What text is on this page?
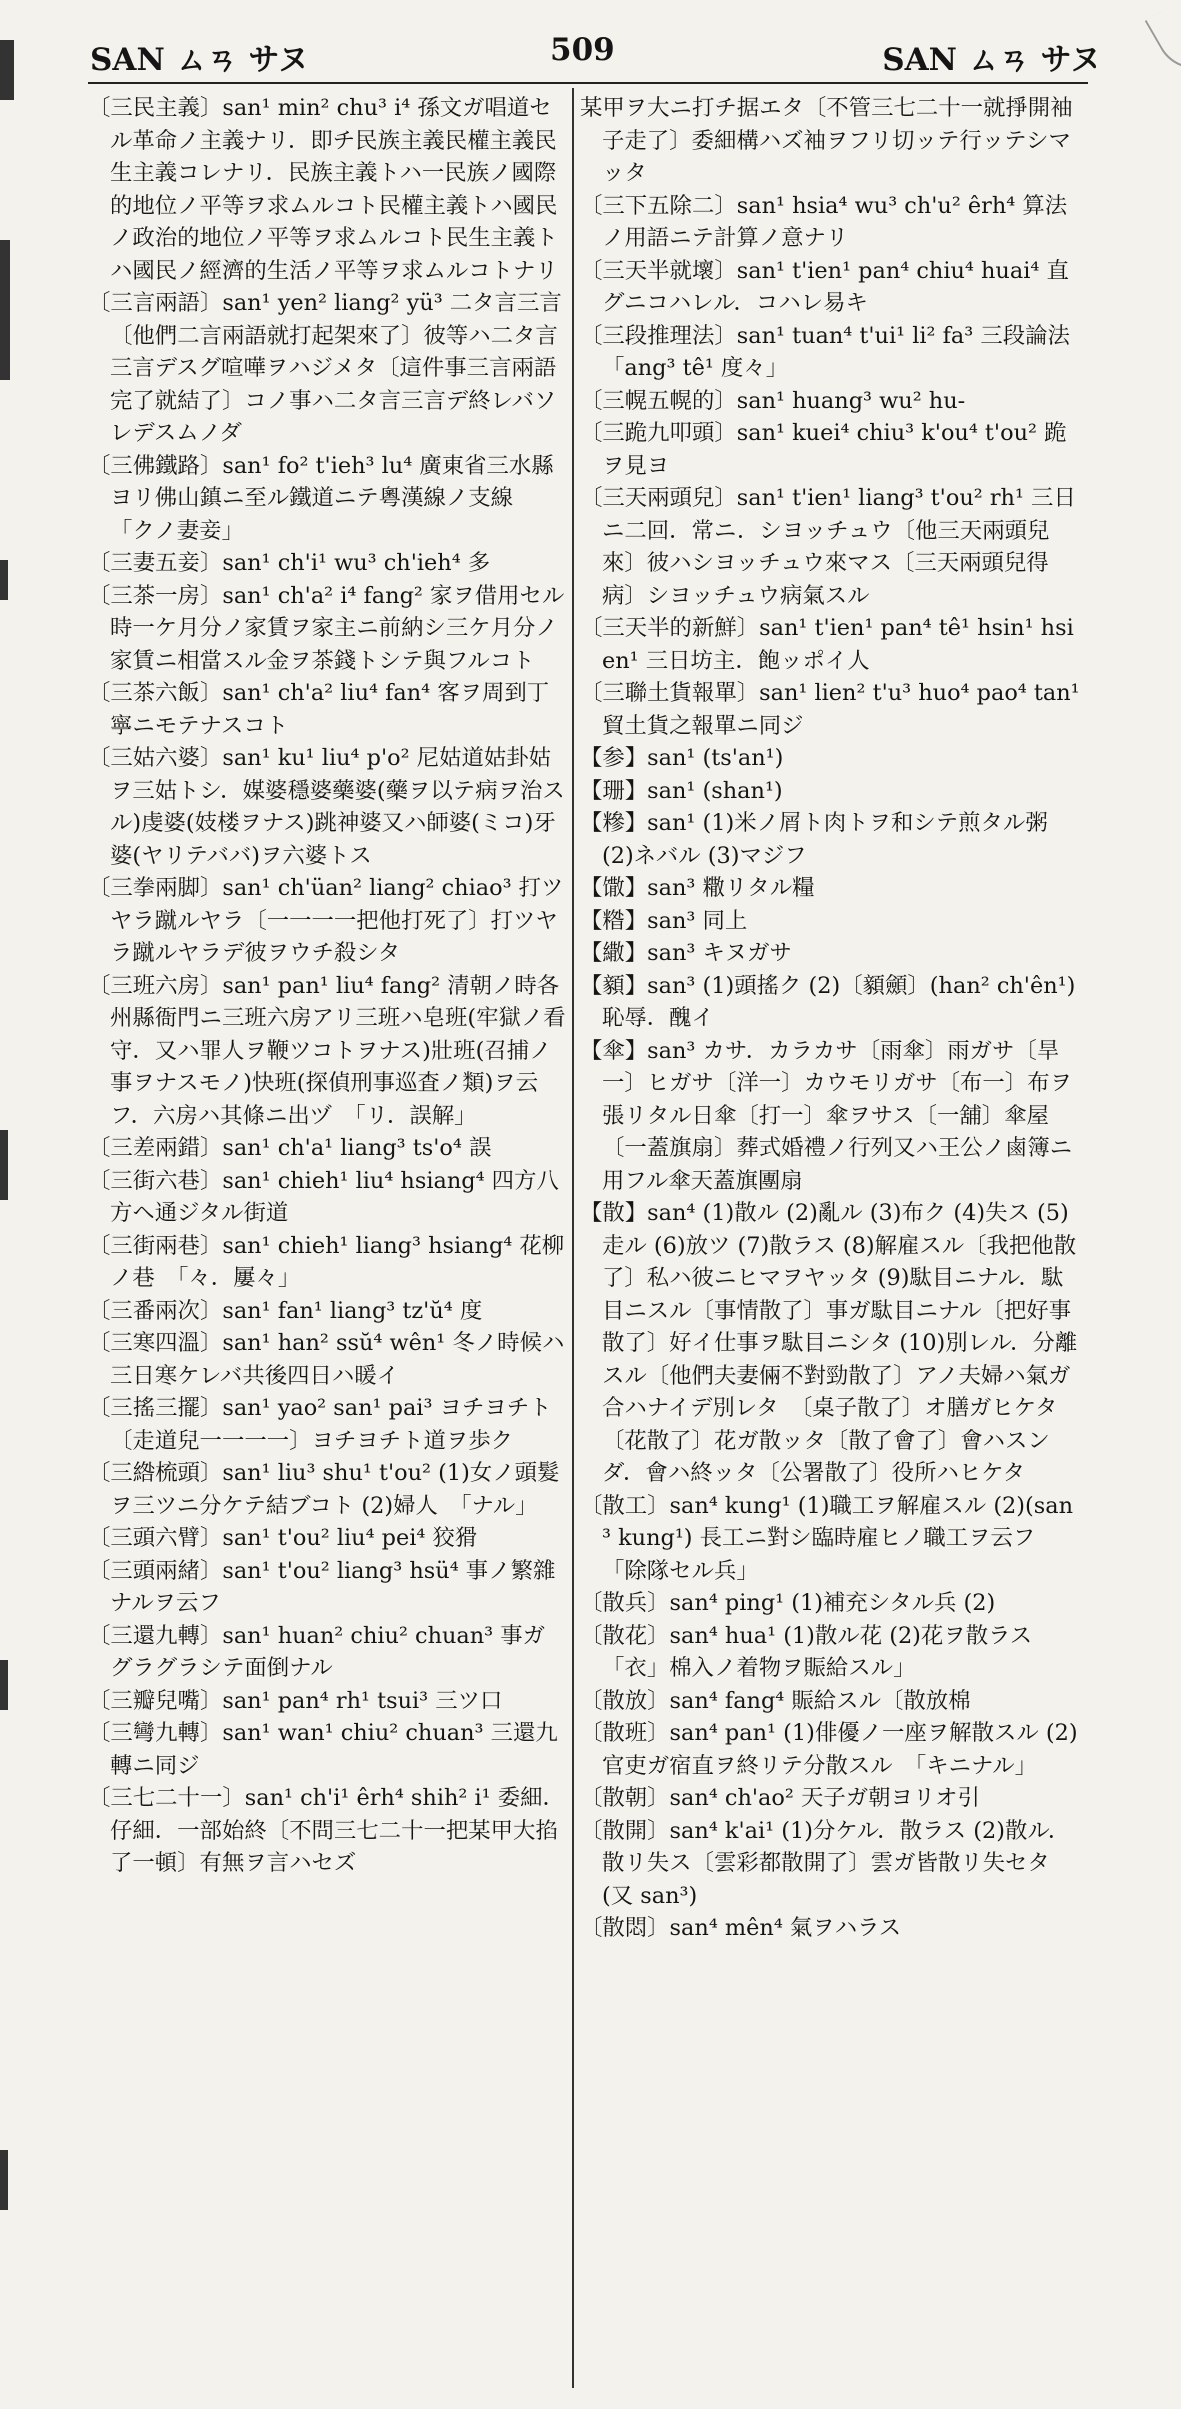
SAN ㄙㄢ サヌ	509	SAN ㄙㄢ サヌ
〔三民主義〕san¹ min² chu³ i⁴ 孫文ガ唱道セル革命ノ主義ナリ．即チ民族主義民權主義民生主義コレナリ．民族主義トハ一民族ノ國際的地位ノ平等ヲ求ムルコト民權主義トハ國民ノ政治的地位ノ平等ヲ求ムルコト民生主義トハ國民ノ經濟的生活ノ平等ヲ求ムルコトナリ
〔三言兩語〕san¹ yen² liang² yü³ 二タ言三言〔他們二言兩語就打起架來了〕彼等ハ二タ言三言デスグ喧嘩ヲハジメタ〔這件事三言兩語完了就結了〕コノ事ハ二タ言三言デ終レバソレデスムノダ
〔三佛鐵路〕san¹ fo² t'ieh³ lu⁴ 廣東省三水縣ヨリ佛山鎮ニ至ル鐵道ニテ粵漢線ノ支線　「クノ妻妾」
〔三妻五妾〕san¹ ch'i¹ wu³ ch'ieh⁴ 多
〔三茶一房〕san¹ ch'a² i⁴ fang² 家ヲ借用セル時一ケ月分ノ家賃ヲ家主ニ前納シ三ケ月分ノ家賃ニ相當スル金ヲ茶錢トシテ與フルコト
〔三茶六飯〕san¹ ch'a² liu⁴ fan⁴ 客ヲ周到丁寧ニモテナスコト
〔三姑六婆〕san¹ ku¹ liu⁴ p'o² 尼姑道姑卦姑ヲ三姑トシ．媒婆穩婆藥婆(藥ヲ以テ病ヲ治スル)虔婆(妓楼ヲナス)跳神婆又ハ師婆(ミコ)牙婆(ヤリテババ)ヲ六婆トス
〔三拳兩脚〕san¹ ch'üan² liang² chiao³ 打ツヤラ蹴ルヤラ〔一一一一把他打死了〕打ツヤラ蹴ルヤラデ彼ヲウチ殺シタ
〔三班六房〕san¹ pan¹ liu⁴ fang² 清朝ノ時各州縣衙門ニ三班六房アリ三班ハ皂班(牢獄ノ看守．又ハ罪人ヲ鞭ツコトヲナス)壯班(召捕ノ事ヲナスモノ)快班(探偵刑事巡査ノ類)ヲ云フ．六房ハ其條ニ出ヅ　「リ．誤解」
〔三差兩錯〕san¹ ch'a¹ liang³ ts'o⁴ 誤
〔三街六巷〕san¹ chieh¹ liu⁴ hsiang⁴ 四方八方ヘ通ジタル街道
〔三街兩巷〕san¹ chieh¹ liang³ hsiang⁴ 花柳ノ巷　「々．屢々」
〔三番兩次〕san¹ fan¹ liang³ tz'ŭ⁴ 度
〔三寒四溫〕san¹ han² ssŭ⁴ wên¹ 冬ノ時候ハ三日寒ケレバ共後四日ハ暖イ
〔三搖三擺〕san¹ yao² san¹ pai³ ヨチヨチト〔走道兒一一一一〕ヨチヨチト道ヲ歩ク
〔三綹梳頭〕san¹ liu³ shu¹ t'ou² (1)女ノ頭髮ヲ三ツニ分ケテ結ブコト (2)婦人　「ナル」
〔三頭六臂〕san¹ t'ou² liu⁴ pei⁴ 狡猾
〔三頭兩緒〕san¹ t'ou² liang³ hsü⁴ 事ノ繁雜ナルヲ云フ
〔三還九轉〕san¹ huan² chiu² chuan³ 事ガグラグラシテ面倒ナル
〔三瓣兒嘴〕san¹ pan⁴ rh¹ tsui³ 三ツ口
〔三彎九轉〕san¹ wan¹ chiu² chuan³ 三還九轉ニ同ジ
〔三七二十一〕san¹ ch'i¹ êrh⁴ shih² i¹ 委細．仔細．一部始終〔不問三七二十一把某甲大掐了一頓〕有無ヲ言ハセズ
某甲ヲ大ニ打チ据エタ〔不管三七二十一就掙開袖子走了〕委細構ハズ袖ヲフリ切ッテ行ッテシマッタ
〔三下五除二〕san¹ hsia⁴ wu³ ch'u² êrh⁴ 算法ノ用語ニテ計算ノ意ナリ
〔三天半就壞〕san¹ t'ien¹ pan⁴ chiu⁴ huai⁴ 直グニコハレル．コハレ易キ
〔三段推理法〕san¹ tuan⁴ t'ui¹ li² fa³ 三段論法　「ang³ tê¹ 度々」
〔三幌五幌的〕san¹ huang³ wu² hu-
〔三跪九叩頭〕san¹ kuei⁴ chiu³ k'ou⁴ t'ou² 跪ヲ見ヨ
〔三天兩頭兒〕san¹ t'ien¹ liang³ t'ou² rh¹ 三日ニ二回．常ニ．シヨッチュウ〔他三天兩頭兒來〕彼ハシヨッチュウ來マス〔三天兩頭兒得病〕シヨッチュウ病氣スル
〔三天半的新鮮〕san¹ t'ien¹ pan⁴ tê¹ hsin¹ hsien¹ 三日坊主．飽ッポイ人
〔三聯土貨報單〕san¹ lien² t'u³ huo⁴ pao⁴ tan¹ 貿土貨之報單ニ同ジ
【参】san¹ (ts'an¹)
【珊】san¹ (shan¹)
【糝】san¹ (1)米ノ屑ト肉トヲ和シテ煎タル粥 (2)ネバル (3)マジフ
【馓】san³ 糤リタル糧
【糌】san³ 同上
【繖】san³ キヌガサ
【顡】san³ (1)頭搖ク (2)〔顡顩〕(han² ch'ên¹) 恥辱．醜イ
【傘】san³ カサ．カラカサ〔雨傘〕雨ガサ〔旱一〕ヒガサ〔洋一〕カウモリガサ〔布一〕布ヲ張リタル日傘〔打一〕傘ヲサス〔一舖〕傘屋〔一蓋旗扇〕葬式婚禮ノ行列又ハ王公ノ鹵簿ニ用フル傘天蓋旗團扇
【散】san⁴ (1)散ル (2)亂ル (3)布ク (4)失ス (5)走ル (6)放ツ (7)散ラス (8)解雇スル〔我把他散了〕私ハ彼ニヒマヲヤッタ (9)駄目ニナル．駄目ニスル〔事情散了〕事ガ駄目ニナル〔把好事散了〕好イ仕事ヲ駄目ニシタ (10)別レル．分離スル〔他們夫妻倆不對勁散了〕アノ夫婦ハ氣ガ合ハナイデ別レタ　〔桌子散了〕オ膳ガヒケタ〔花散了〕花ガ散ッタ〔散了會了〕會ハスンダ．會ハ終ッタ〔公署散了〕役所ハヒケタ
〔散工〕san⁴ kung¹ (1)職工ヲ解雇スル (2)(san³ kung¹) 長工ニ對シ臨時雇ヒノ職工ヲ云フ　「除隊セル兵」
〔散兵〕san⁴ ping¹ (1)補充シタル兵 (2)
〔散花〕san⁴ hua¹ (1)散ル花 (2)花ヲ散ラス　「衣」棉入ノ着物ヲ賑給スル」
〔散放〕san⁴ fang⁴ 賑給スル〔散放棉
〔散班〕san⁴ pan¹ (1)俳優ノ一座ヲ解散スル (2)官吏ガ宿直ヲ終リテ分散スル　「キニナル」
〔散朝〕san⁴ ch'ao² 天子ガ朝ヨリオ引
〔散開〕san⁴ k'ai¹ (1)分ケル．散ラス (2)散ル．散リ失ス〔雲彩都散開了〕雲ガ皆散リ失セタ (又 san³)
〔散悶〕san⁴ mên⁴ 氣ヲハラス
